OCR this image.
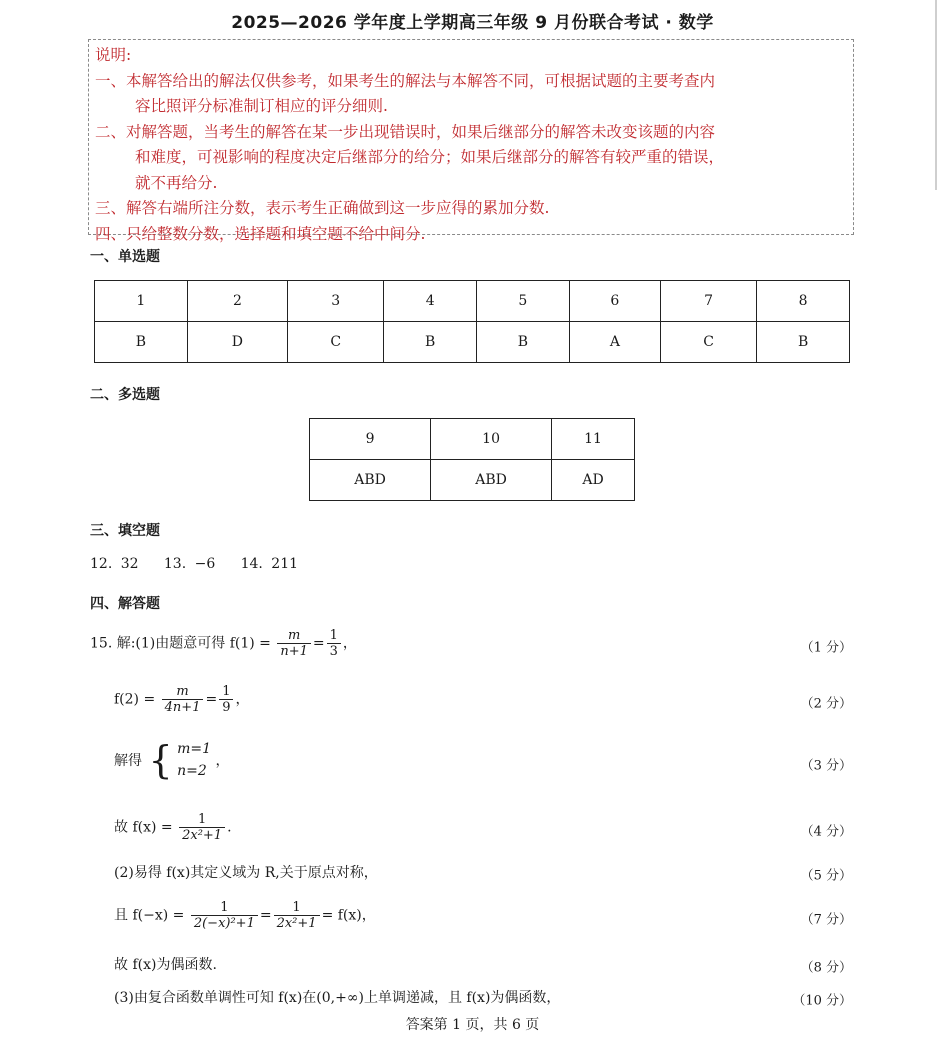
2025—2026 学年度上学期高三年级 9 月份联合考试 · 数学
说明:
一、本解答给出的解法仅供参考，如果考生的解法与本解答不同，可根据试题的主要考查内
容比照评分标准制订相应的评分细则.
二、对解答题，当考生的解答在某一步出现错误时，如果后继部分的解答未改变该题的内容
和难度，可视影响的程度决定后继部分的给分；如果后继部分的解答有较严重的错误，
就不再给分.
三、解答右端所注分数，表示考生正确做到这一步应得的累加分数.
四、只给整数分数，选择题和填空题不给中间分.
一、单选题
1	2	3	4	5	6	7	8
B	D	C	B	B	A	C	B
二、多选题
9	10	11
ABD	ABD	AD
三、填空题
12. 32   13. −6   14. 211
四、解答题
15. 解:(1)由题意可得 $f(1) = \frac{m}{n+1} = \frac{1}{3}$ ，	（1 分）
$f(2) = \frac{m}{4n+1} = \frac{1}{9}$ ，	（2 分）
解得 { m=1
n=2
，	（3 分）
故 $f(x) = \frac{1}{\text{2x²+1}}$ .	（4 分）
(2)易得 f(x)其定义域为 R,关于原点对称，	（5 分）
且 $f(-x) = \frac{1}{\text{2(−x)²+1}} = \frac{1}{\text{2x²+1}} = f(x)$，	（7 分）
故 f(x)为偶函数.	（8 分）
(3)由复合函数单调性可知 f(x)在(0,+∞)上单调递减，且 f(x)为偶函数，	（10 分）
答案第 1 页，共 6 页
